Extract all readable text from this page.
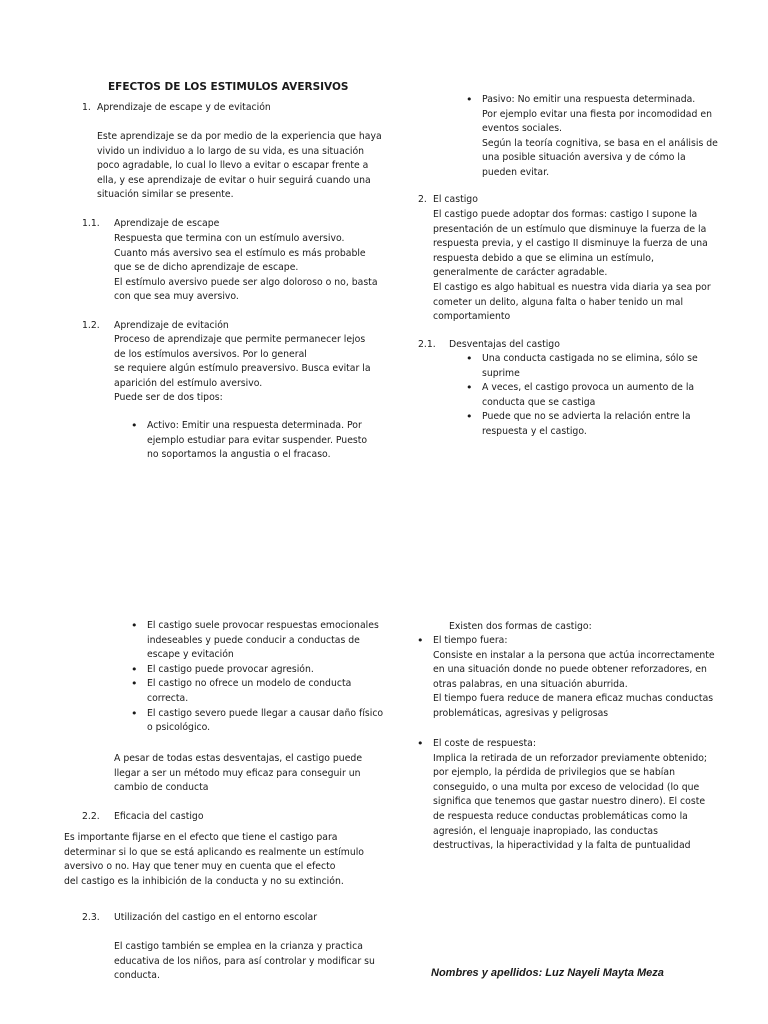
EFECTOS DE LOS ESTIMULOS AVERSIVOS
1. Aprendizaje de escape y de evitación
Este aprendizaje se da por medio de la experiencia que haya
vivido un individuo a lo largo de su vida, es una situación
poco agradable, lo cual lo llevo a evitar o escapar frente a
ella, y ese aprendizaje de evitar o huir seguirá cuando una
situación similar se presente.
1.1. Aprendizaje de escape
Respuesta que termina con un estímulo aversivo.
Cuanto más aversivo sea el estímulo es más probable
que se de dicho aprendizaje de escape.
El estímulo aversivo puede ser algo doloroso o no, basta
con que sea muy aversivo.
1.2. Aprendizaje de evitación
Proceso de aprendizaje que permite permanecer lejos
de los estímulos aversivos. Por lo general
se requiere algún estímulo preaversivo. Busca evitar la
aparición del estímulo aversivo.
Puede ser de dos tipos:

• Activo: Emitir una respuesta determinada. Por
ejemplo estudiar para evitar suspender. Puesto
no soportamos la angustia o el fracaso.

• Pasivo: No emitir una respuesta determinada.
Por ejemplo evitar una fiesta por incomodidad en
eventos sociales.
Según la teoría cognitiva, se basa en el análisis de
una posible situación aversiva y de cómo la
pueden evitar.

2. El castigo
El castigo puede adoptar dos formas: castigo I supone la
presentación de un estímulo que disminuye la fuerza de la
respuesta previa, y el castigo II disminuye la fuerza de una
respuesta debido a que se elimina un estímulo,
generalmente de carácter agradable.
El castigo es algo habitual es nuestra vida diaria ya sea por
cometer un delito, alguna falta o haber tenido un mal
comportamiento
2.1. Desventajas del castigo

• Una conducta castigada no se elimina, sólo se
suprime

• A veces, el castigo provoca un aumento de la
conducta que se castiga

• Puede que no se advierta la relación entre la
respuesta y el castigo.

• El castigo suele provocar respuestas emocionales
indeseables y puede conducir a conductas de
escape y evitación

• El castigo puede provocar agresión.

• El castigo no ofrece un modelo de conducta
correcta.

• El castigo severo puede llegar a causar daño físico
o psicológico.

A pesar de todas estas desventajas, el castigo puede
llegar a ser un método muy eficaz para conseguir un
cambio de conducta
2.2. Eficacia del castigo
Es importante fijarse en el efecto que tiene el castigo para
determinar si lo que se está aplicando es realmente un estímulo
aversivo o no. Hay que tener muy en cuenta que el efecto
del castigo es la inhibición de la conducta y no su extinción.
2.3. Utilización del castigo en el entorno escolar
El castigo también se emplea en la crianza y practica
educativa de los niños, para así controlar y modificar su
conducta.
Existen dos formas de castigo:

• El tiempo fuera:

Consiste en instalar a la persona que actúa incorrectamente
en una situación donde no puede obtener reforzadores, en
otras palabras, en una situación aburrida.
El tiempo fuera reduce de manera eficaz muchas conductas
problemáticas, agresivas y peligrosas

• El coste de respuesta:

Implica la retirada de un reforzador previamente obtenido;
por ejemplo, la pérdida de privilegios que se habían
conseguido, o una multa por exceso de velocidad (lo que
significa que tenemos que gastar nuestro dinero). El coste
de respuesta reduce conductas problemáticas como la
agresión, el lenguaje inapropiado, las conductas
destructivas, la hiperactividad y la falta de puntualidad

Nombres y apellidos: Luz Nayeli Mayta Meza
